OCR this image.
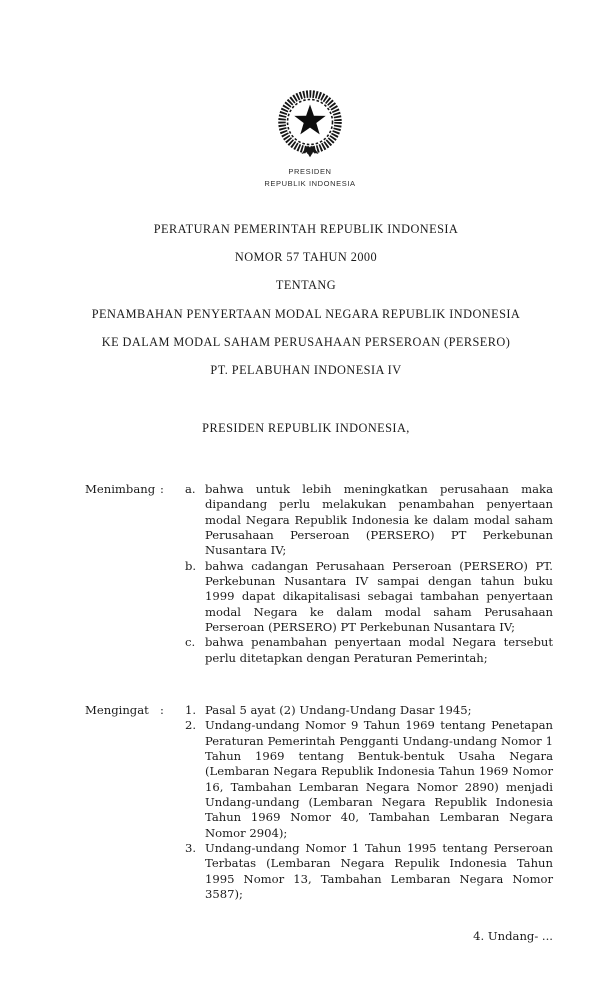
PRESIDEN
REPUBLIK INDONESIA
PERATURAN PEMERINTAH REPUBLIK INDONESIA
NOMOR 57 TAHUN 2000
TENTANG
PENAMBAHAN PENYERTAAN MODAL NEGARA REPUBLIK INDONESIA
KE DALAM MODAL SAHAM PERUSAHAAN PERSEROAN (PERSERO)
PT. PELABUHAN INDONESIA IV
PRESIDEN REPUBLIK INDONESIA,
Menimbang :	a. bahwa untuk lebih meningkatkan perusahaan maka dipandang perlu melakukan penambahan penyertaan modal Negara Republik Indonesia ke dalam modal saham Perusahaan Perseroan (PERSERO) PT Perkebunan Nusantara IV;
b. bahwa cadangan Perusahaan Perseroan (PERSERO) PT. Perkebunan Nusantara IV sampai dengan tahun buku 1999 dapat dikapitalisasi sebagai tambahan penyertaan modal Negara ke dalam modal saham Perusahaan Perseroan (PERSERO) PT Perkebunan Nusantara IV;
c. bahwa penambahan penyertaan modal Negara tersebut perlu ditetapkan dengan Peraturan Pemerintah;
Mengingat :	1. Pasal 5 ayat (2) Undang-Undang Dasar 1945;
2. Undang-undang Nomor 9 Tahun 1969 tentang Penetapan Peraturan Pemerintah Pengganti Undang-undang Nomor 1 Tahun 1969 tentang Bentuk-bentuk Usaha Negara (Lembaran Negara Republik Indonesia Tahun 1969 Nomor 16, Tambahan Lembaran Negara Nomor 2890) menjadi Undang-undang (Lembaran Negara Republik Indonesia Tahun 1969 Nomor 40, Tambahan Lembaran Negara Nomor 2904);
3. Undang-undang Nomor 1 Tahun 1995 tentang Perseroan Terbatas (Lembaran Negara Repulik Indonesia Tahun 1995 Nomor 13, Tambahan Lembaran Negara Nomor 3587);
4. Undang- ...
